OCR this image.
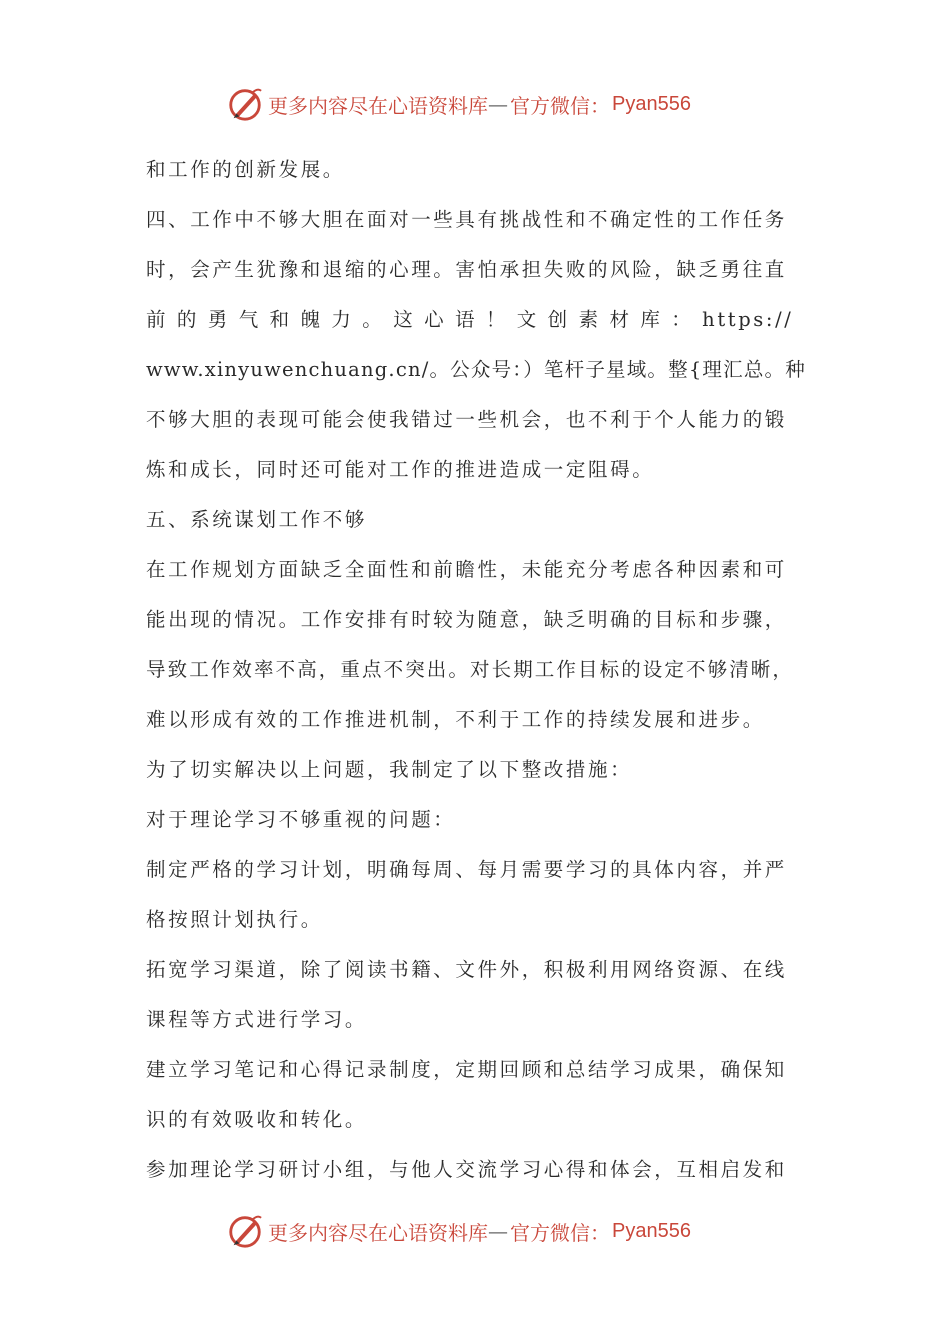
更多内容尽在心语资料库 — 官方微信： Pyan556
和工作的创新发展。
四、工作中不够大胆在面对一些具有挑战性和不确定性的工作任务
时，会产生犹豫和退缩的心理。害怕承担失败的风险，缺乏勇往直
前 的 勇 气 和 魄 力 。 这 心 语 ！ 文 创 素 材 库 ： https://
www.xinyuwenchuang.cn/。公众号：）笔杆子星域。整{理汇总。种
不够大胆的表现可能会使我错过一些机会，也不利于个人能力的锻
炼和成长，同时还可能对工作的推进造成一定阻碍。
五、系统谋划工作不够
在工作规划方面缺乏全面性和前瞻性，未能充分考虑各种因素和可
能出现的情况。工作安排有时较为随意，缺乏明确的目标和步骤，
导致工作效率不高，重点不突出。对长期工作目标的设定不够清晰，
难以形成有效的工作推进机制，不利于工作的持续发展和进步。
为了切实解决以上问题，我制定了以下整改措施：
对于理论学习不够重视的问题：
制定严格的学习计划，明确每周、每月需要学习的具体内容，并严
格按照计划执行。
拓宽学习渠道，除了阅读书籍、文件外，积极利用网络资源、在线
课程等方式进行学习。
建立学习笔记和心得记录制度，定期回顾和总结学习成果，确保知
识的有效吸收和转化。
参加理论学习研讨小组，与他人交流学习心得和体会，互相启发和
更多内容尽在心语资料库 — 官方微信： Pyan556
